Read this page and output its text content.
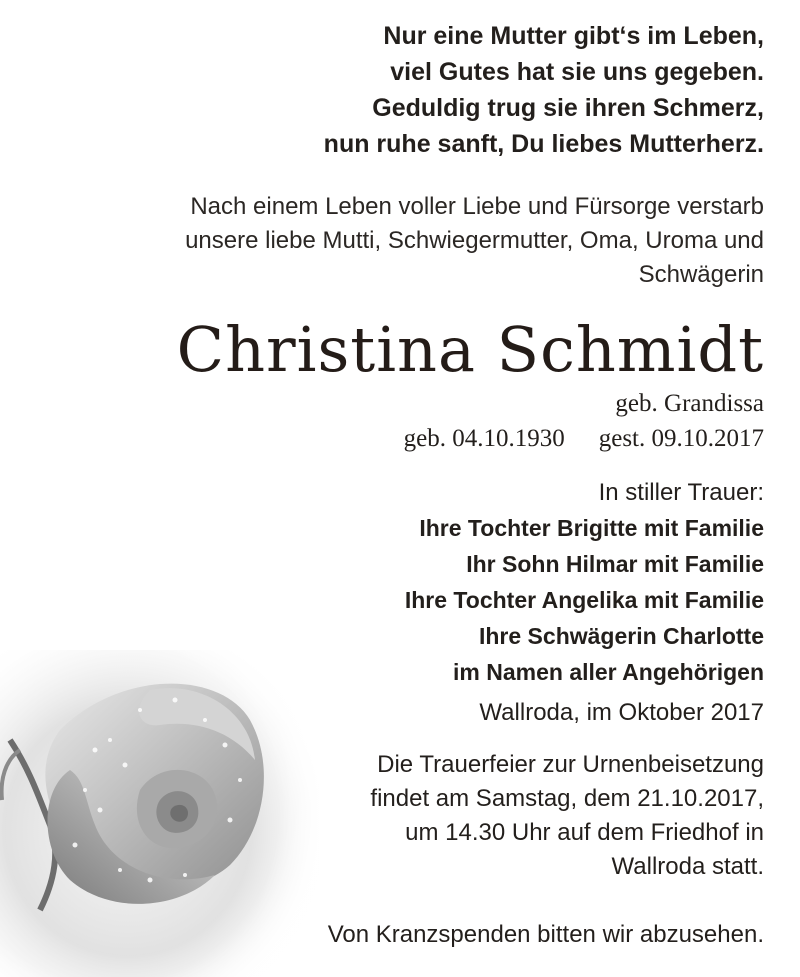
Nur eine Mutter gibt‘s im Leben,
viel Gutes hat sie uns gegeben.
Geduldig trug sie ihren Schmerz,
nun ruhe sanft, Du liebes Mutterherz.
Nach einem Leben voller Liebe und Fürsorge verstarb
unsere liebe Mutti, Schwiegermutter, Oma, Uroma und
Schwägerin
Christina Schmidt
geb. Grandissa
geb. 04.10.1930 gest. 09.10.2017
In stiller Trauer:
Ihre Tochter Brigitte mit Familie
Ihr Sohn Hilmar mit Familie
Ihre Tochter Angelika mit Familie
Ihre Schwägerin Charlotte
im Namen aller Angehörigen
Wallroda, im Oktober 2017
Die Trauerfeier zur Urnenbeisetzung
findet am Samstag, dem 21.10.2017,
um 14.30 Uhr auf dem Friedhof in
Wallroda statt.
Von Kranzspenden bitten wir abzusehen.
